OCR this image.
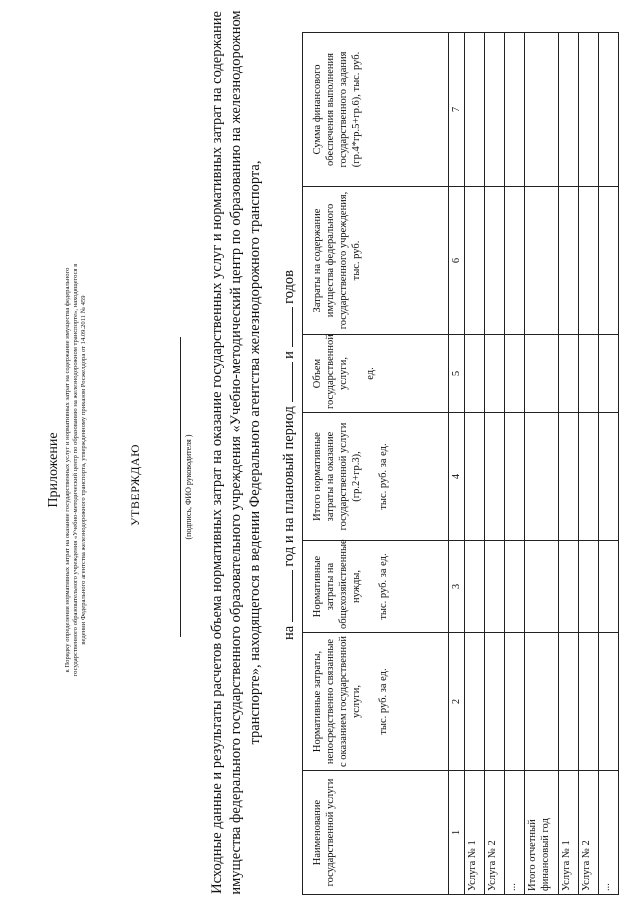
Приложение к Порядку определения нормативных затрат на оказание государственных услуг и нормативных затрат на содержание имущества федерального государственного образовательного учреждения «Учебно-методический центр по образованию на железнодорожном транспорте», находящегося в ведении Федерального агентства железнодорожного транспорта, утвержденному приказом Росжелдора от 14.09.2011 № 459	УТВЕРЖДАЮ	(подпись, ФИО руководителя ) Исходные данные и результаты расчетов объема нормативных затрат на оказание государственных услуг и нормативных затрат на содержание имущества федерального государственного образовательного учреждения «Учебно-методический центр по образованию на железнодорожном транспорте», находящегося в ведении Федерального агентства железнодорожного транспорта, на  год и на плановый период  и  годов
Наименование государственной услуги	Нормативные затраты, непосредственно связанные с оказанием государственной услуги, тыс. руб. за ед.	Нормативные затраты на общехозяйственные нужды, тыс. руб. за ед.	Итого нормативные затраты на оказание государственной услуги (гр.2+гр.3), тыс. руб. за ед.	Объем государственной услуги, ед.	Затраты на содержание имущества федерального государственного учреждения, тыс. руб.	Сумма финансового обеспечения выполнения государственного задания (гр.4*гр.5+гр.6), тыс. руб.

1	2	3	4	5	6	7
Услуга № 1						
Услуга № 2						
...						
Итого отчетный финансовый год						
Услуга № 1						
Услуга № 2						
...						
